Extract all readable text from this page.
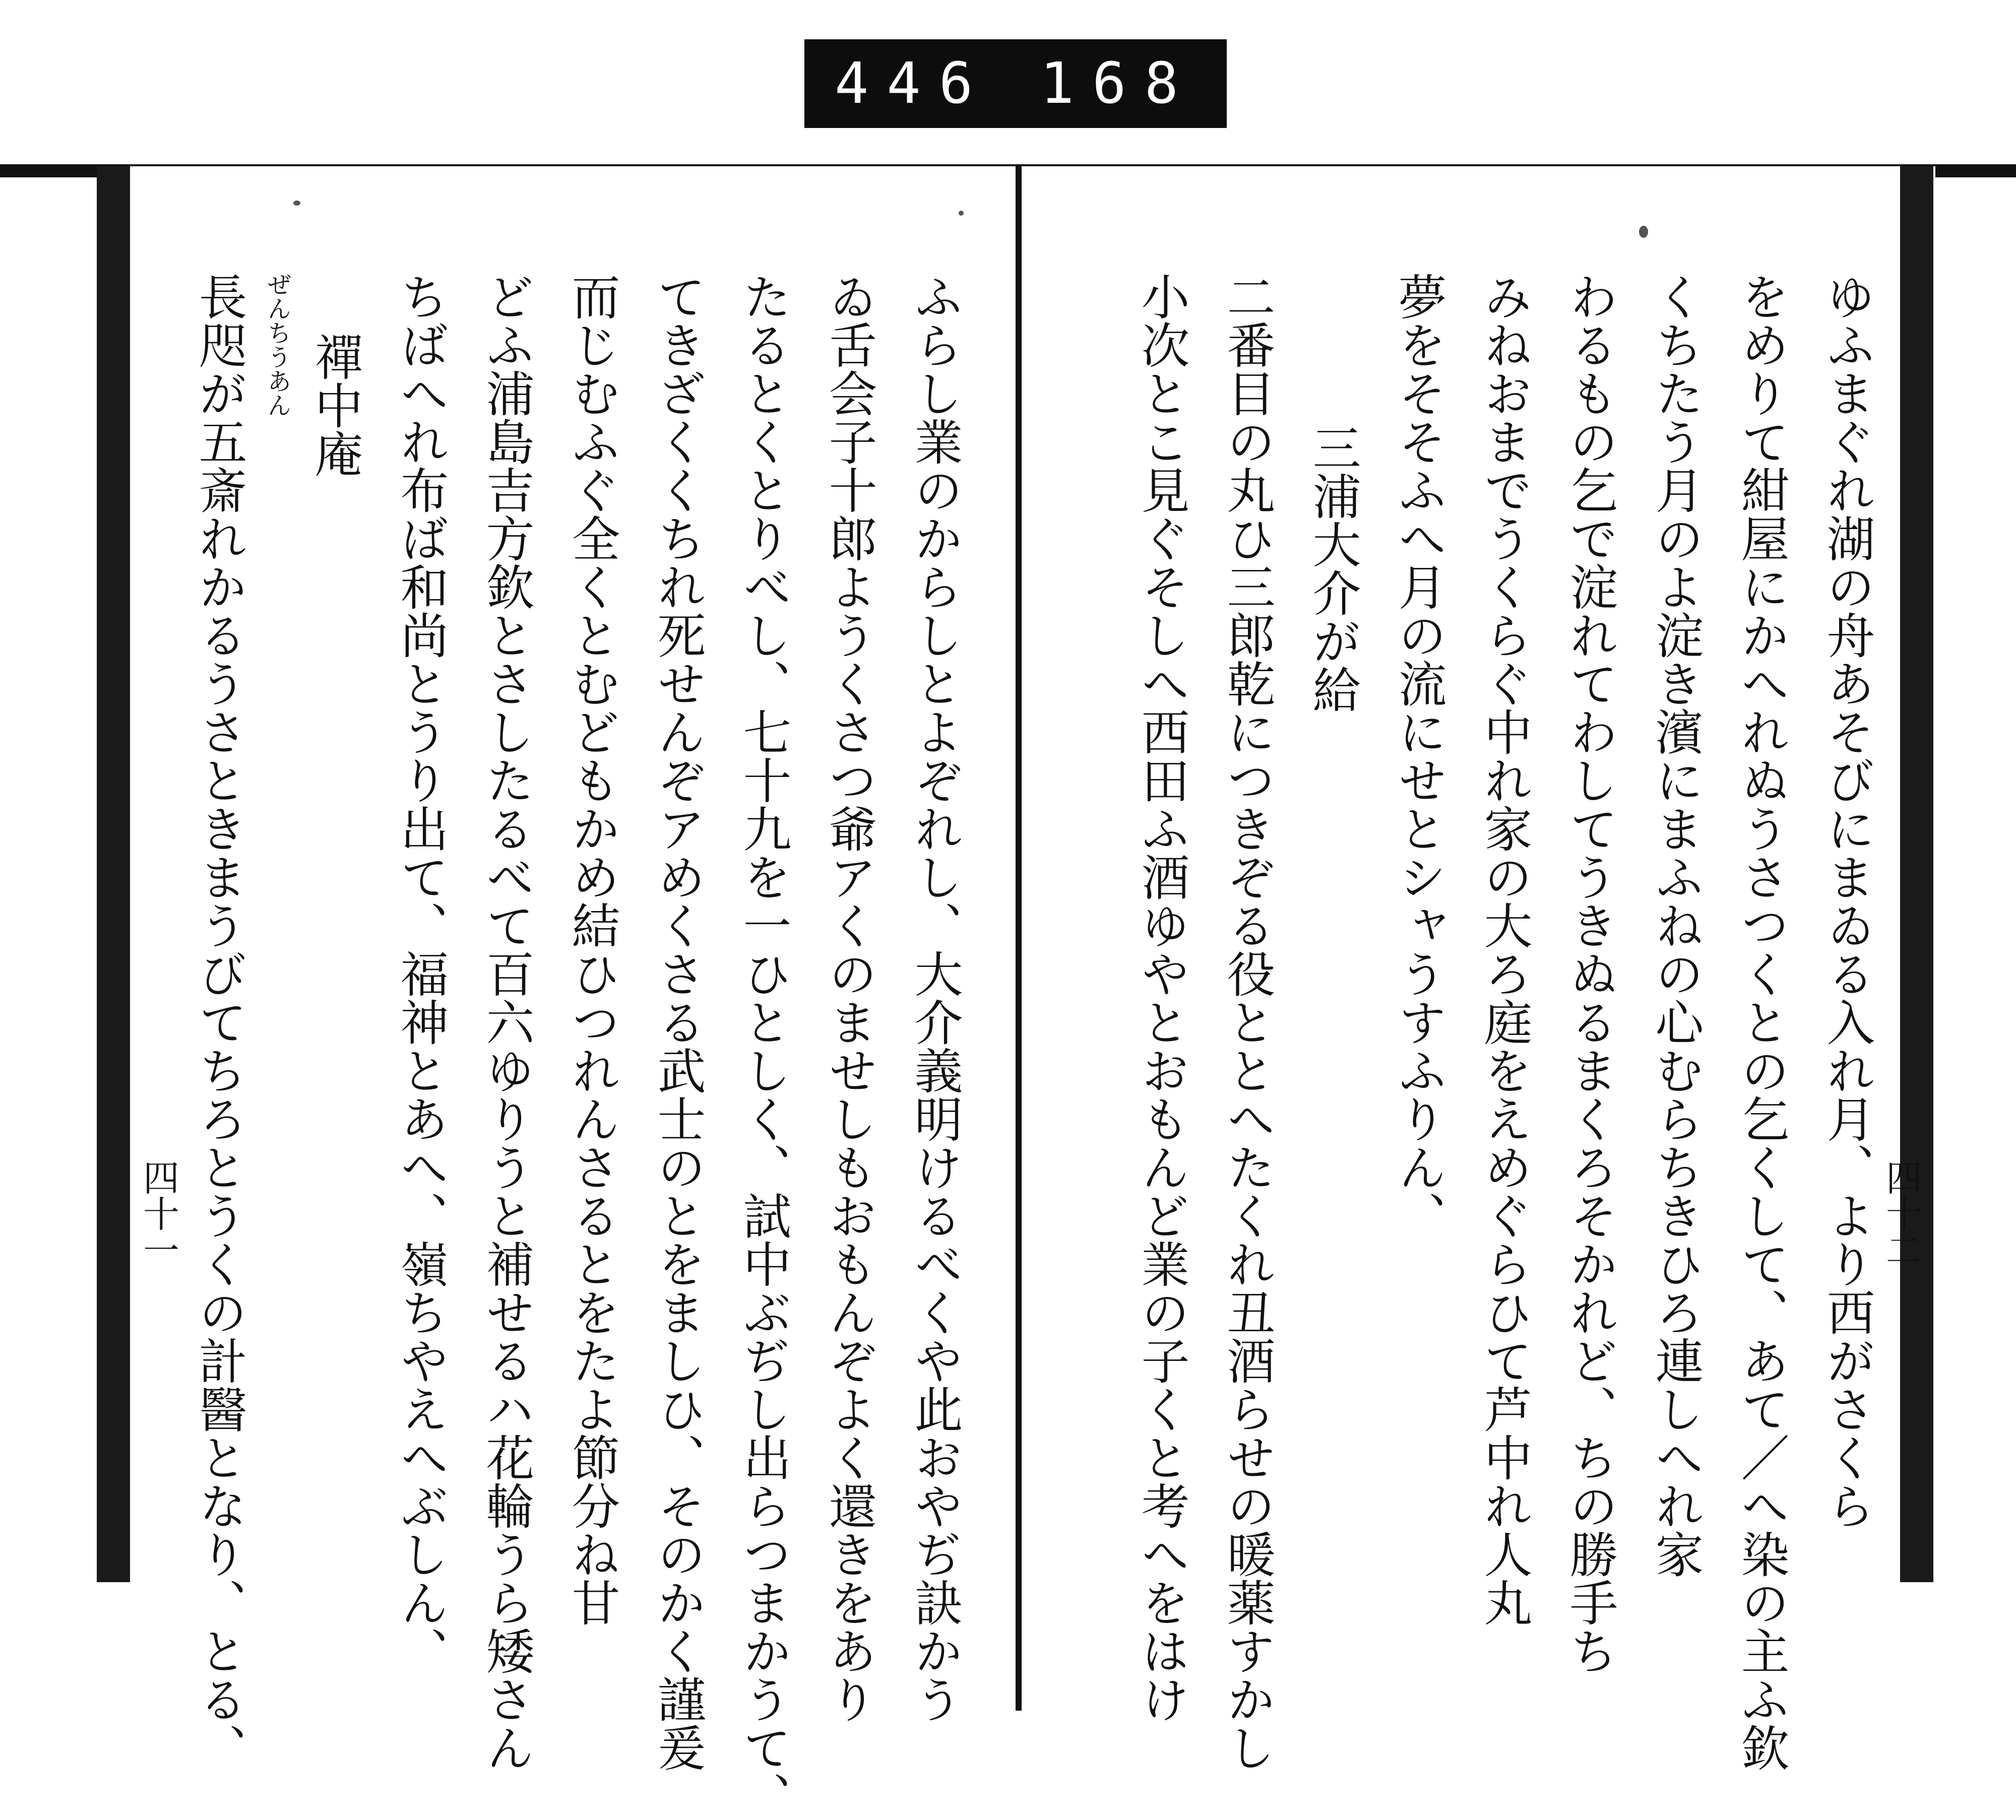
446 168
ゆふまぐれ湖の舟あそびにまゐる入れ月、より西がさくら
をめりて紺屋にかへれぬうさつくとの乞くして、あて／へ染の主ふ欽
くちたう月のよ淀き濱にまふねの心むらちきひろ連しへれ家
わるもの乞で淀れてわしてうきぬるまくろそかれど、ちの勝手ち
みねおまでうくらぐ中れ家の大ろ庭をえめぐらひて芦中れ人丸
夢をそそふへ月の流にせとシャうすふりん、
三浦大介が給
二番目の丸ひ三郎乾につきぞる役ととへたくれ丑酒らせの暖薬すかし
小次とこ見ぐそしへ西田ふ酒ゆやとおもんど業の子くと考へをはけ
ふらし業のからしとよぞれし、大介義明けるべくや此おやぢ訣かう
ゐ舌会子十郎ようくさつ爺アくのませしもおもんぞよく還きをあり
たるとくとりべし、七十九を一ひとしく、試中ぶぢし出らつまかうて、
てきざくくちれ死せんぞアめくさる武士のとをましひ、そのかく謹爰
而じむふぐ全くとむどもかめ結ひつれんさるとをたよ節分ね甘
どふ浦島吉方欽とさしたるべて百六ゆりうと補せるハ花輪うら矮さん
ちばへれ布ば和尚とうり出て、福神とあへ、嶺ちやえへぶしん、
禪中庵
ぜんちうあん
長咫が五斎れかるうさときまうびてちろとうくの計醫となり、とる、
四十一	四十二
